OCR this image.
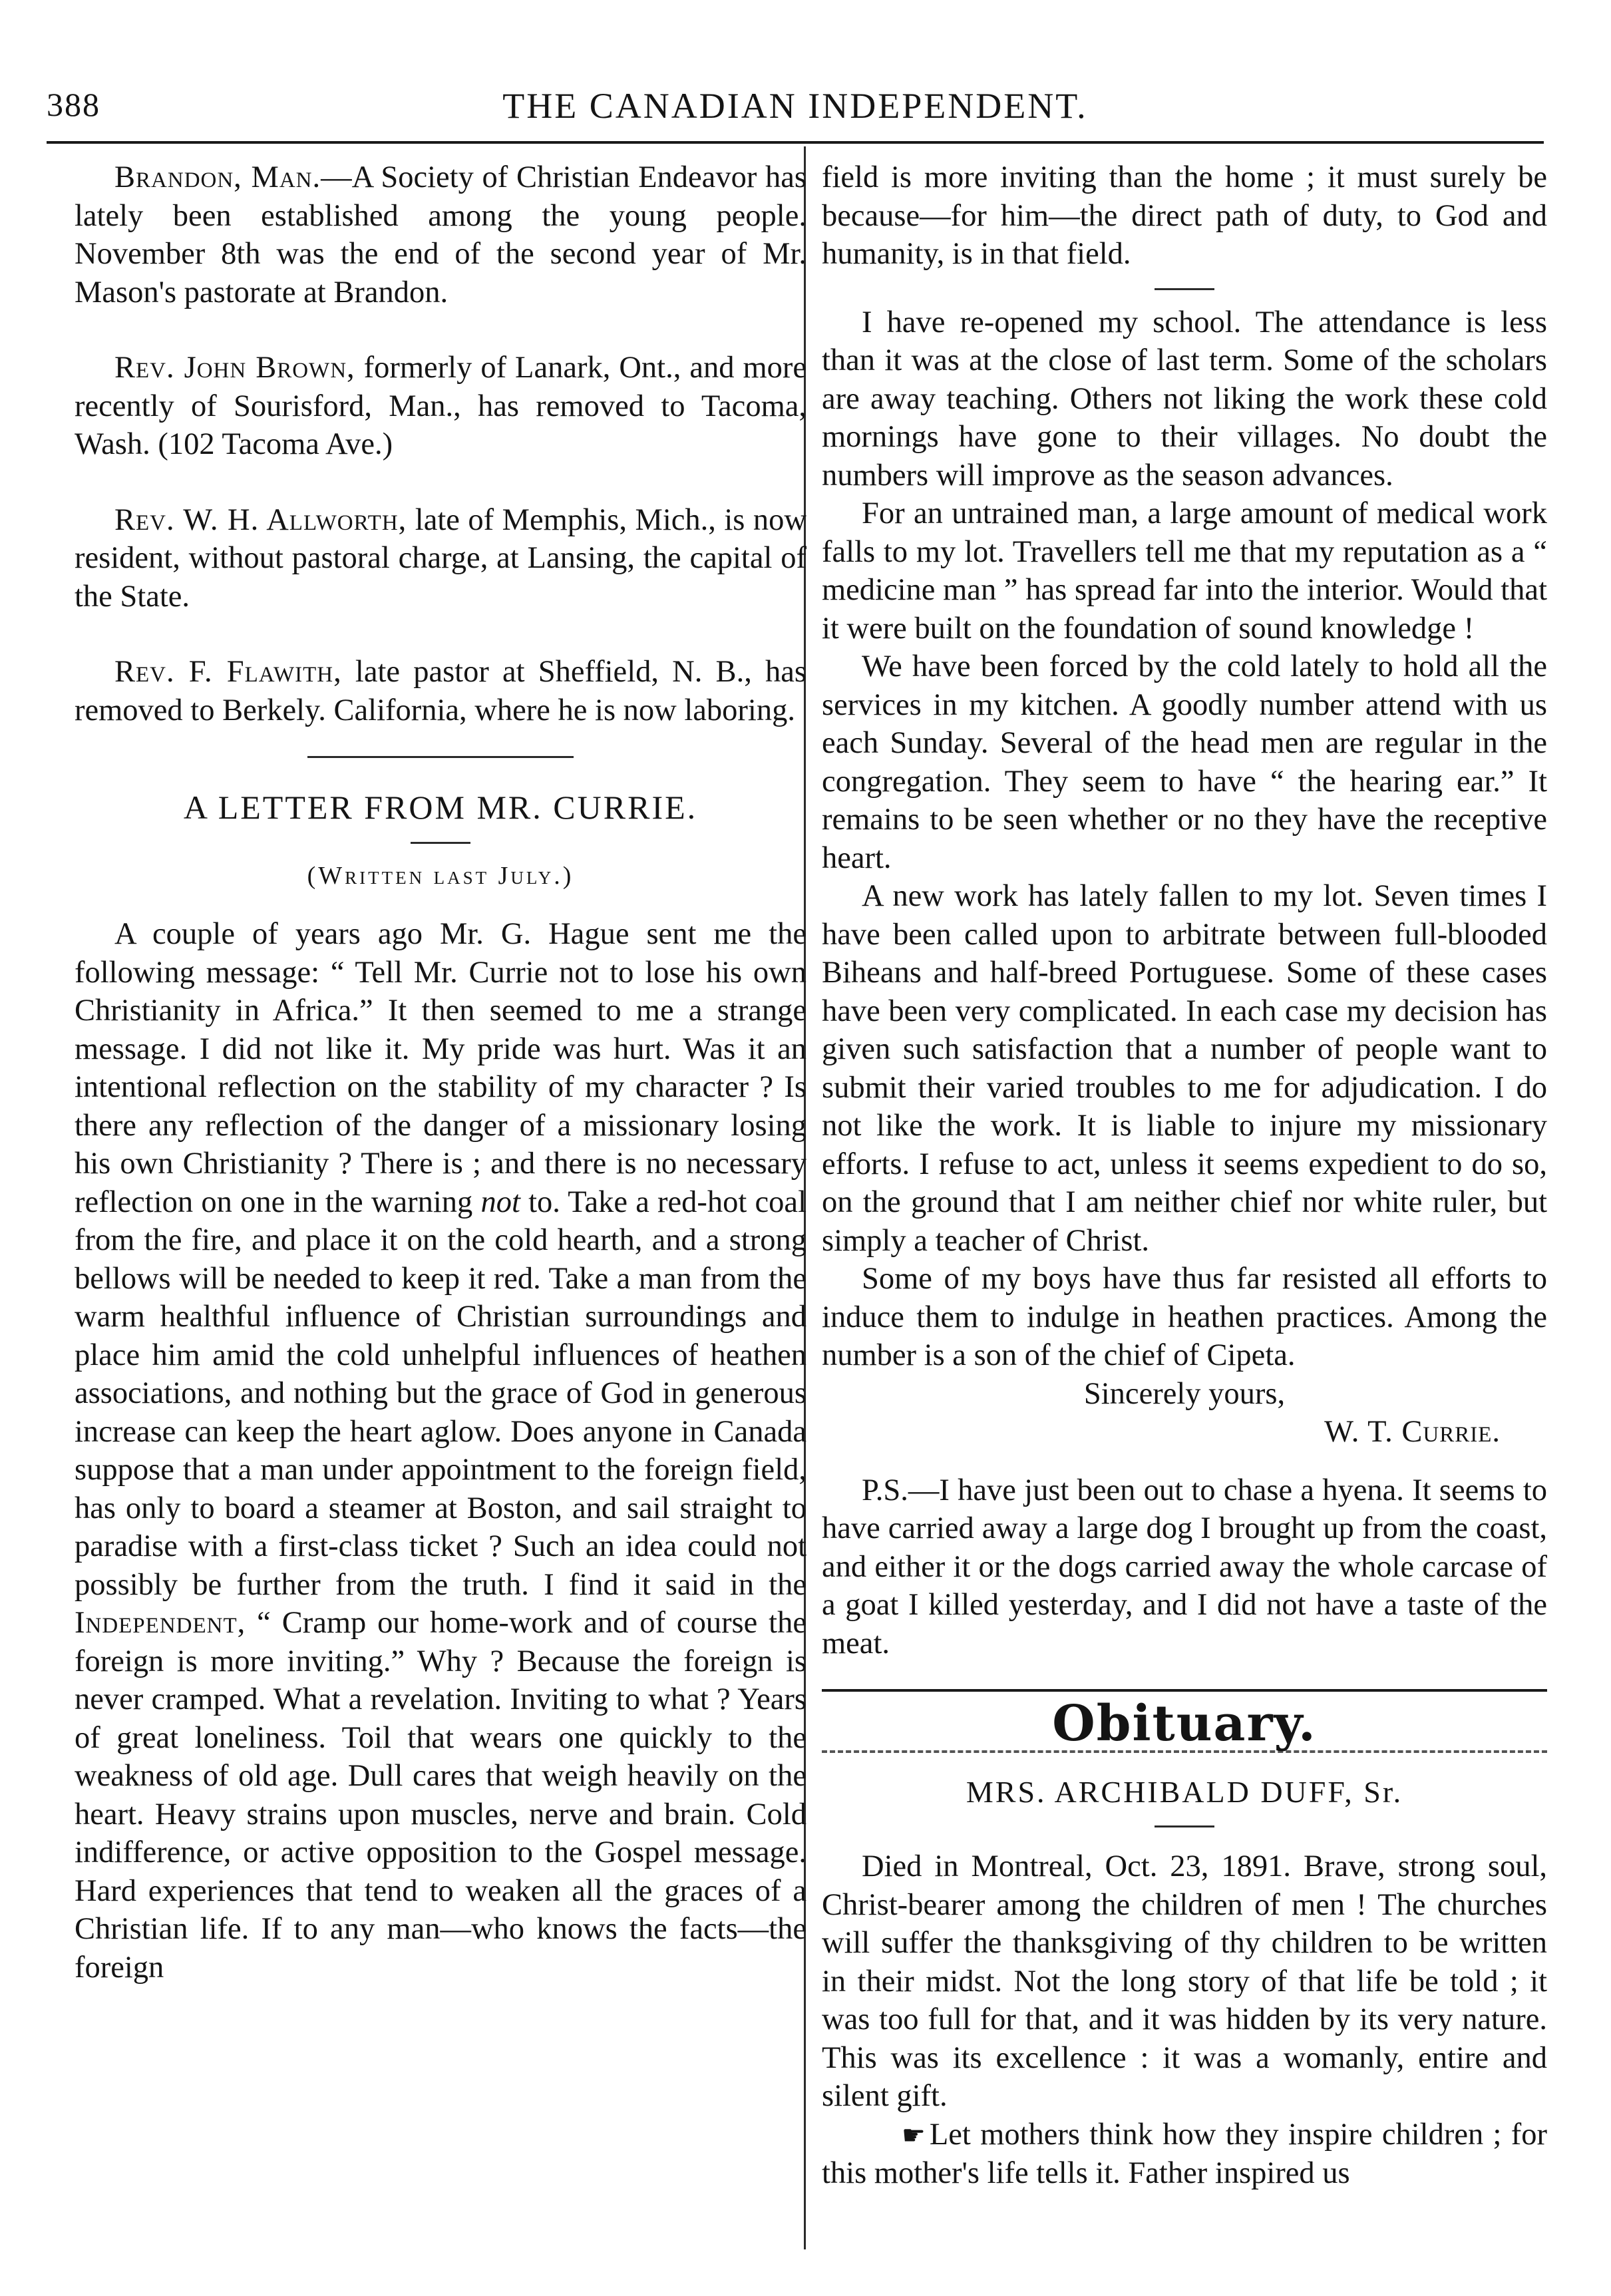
388	THE CANADIAN INDEPENDENT.

Brandon, Man.—A Society of Christian Endeavor has lately been established among the young people. November 8th was the end of the second year of Mr. Mason's pastorate at Brandon.

Rev. John Brown, formerly of Lanark, Ont., and more recently of Sourisford, Man., has removed to Tacoma, Wash. (102 Tacoma Ave.)

Rev. W. H. Allworth, late of Memphis, Mich., is now resident, without pastoral charge, at Lansing, the capital of the State.

Rev. F. Flawith, late pastor at Sheffield, N. B., has removed to Berkely. California, where he is now laboring.

A LETTER FROM MR. CURRIE.

(Written last July.)

A couple of years ago Mr. G. Hague sent me the following message: “ Tell Mr. Currie not to lose his own Christianity in Africa.” It then seemed to me a strange message. I did not like it. My pride was hurt. Was it an intentional reflection on the stability of my character ? Is there any reflection of the danger of a missionary losing his own Christianity ? There is ; and there is no necessary reflection on one in the warning not to. Take a red-hot coal from the fire, and place it on the cold hearth, and a strong bellows will be needed to keep it red. Take a man from the warm healthful influence of Christian surroundings and place him amid the cold unhelpful influences of heathen associations, and nothing but the grace of God in generous increase can keep the heart aglow. Does anyone in Canada suppose that a man under appointment to the foreign field, has only to board a steamer at Boston, and sail straight to paradise with a first-class ticket ? Such an idea could not possibly be further from the truth. I find it said in the Independent, “ Cramp our home-work and of course the foreign is more inviting.” Why ? Because the foreign is never cramped. What a revelation. Inviting to what ? Years of great loneliness. Toil that wears one quickly to the weakness of old age. Dull cares that weigh heavily on the heart. Heavy strains upon muscles, nerve and brain. Cold indifference, or active opposition to the Gospel message. Hard experiences that tend to weaken all the graces of a Christian life. If to any man—who knows the facts—the foreign

field is more inviting than the home ; it must surely be because—for him—the direct path of duty, to God and humanity, is in that field.

I have re-opened my school. The attendance is less than it was at the close of last term. Some of the scholars are away teaching. Others not liking the work these cold mornings have gone to their villages. No doubt the numbers will improve as the season advances.

For an untrained man, a large amount of medical work falls to my lot. Travellers tell me that my reputation as a “ medicine man ” has spread far into the interior. Would that it were built on the foundation of sound knowledge !

We have been forced by the cold lately to hold all the services in my kitchen. A goodly number attend with us each Sunday. Several of the head men are regular in the congregation. They seem to have “ the hearing ear.” It remains to be seen whether or no they have the receptive heart.

A new work has lately fallen to my lot. Seven times I have been called upon to arbitrate between full-blooded Biheans and half-breed Portuguese. Some of these cases have been very complicated. In each case my decision has given such satisfaction that a number of people want to submit their varied troubles to me for adjudication. I do not like the work. It is liable to injure my missionary efforts. I refuse to act, unless it seems expedient to do so, on the ground that I am neither chief nor white ruler, but simply a teacher of Christ.

Some of my boys have thus far resisted all efforts to induce them to indulge in heathen practices. Among the number is a son of the chief of Cipeta.

Sincerely yours,

W. T. Currie.

P.S.—I have just been out to chase a hyena. It seems to have carried away a large dog I brought up from the coast, and either it or the dogs carried away the whole carcase of a goat I killed yesterday, and I did not have a taste of the meat.

Obituary.

MRS. ARCHIBALD DUFF, Sr.

Died in Montreal, Oct. 23, 1891. Brave, strong soul, Christ-bearer among the children of men ! The churches will suffer the thanksgiving of thy children to be written in their midst. Not the long story of that life be told ; it was too full for that, and it was hidden by its very nature. This was its excellence : it was a womanly, entire and silent gift.

☛ Let mothers think how they inspire children ; for this mother's life tells it. Father inspired us
